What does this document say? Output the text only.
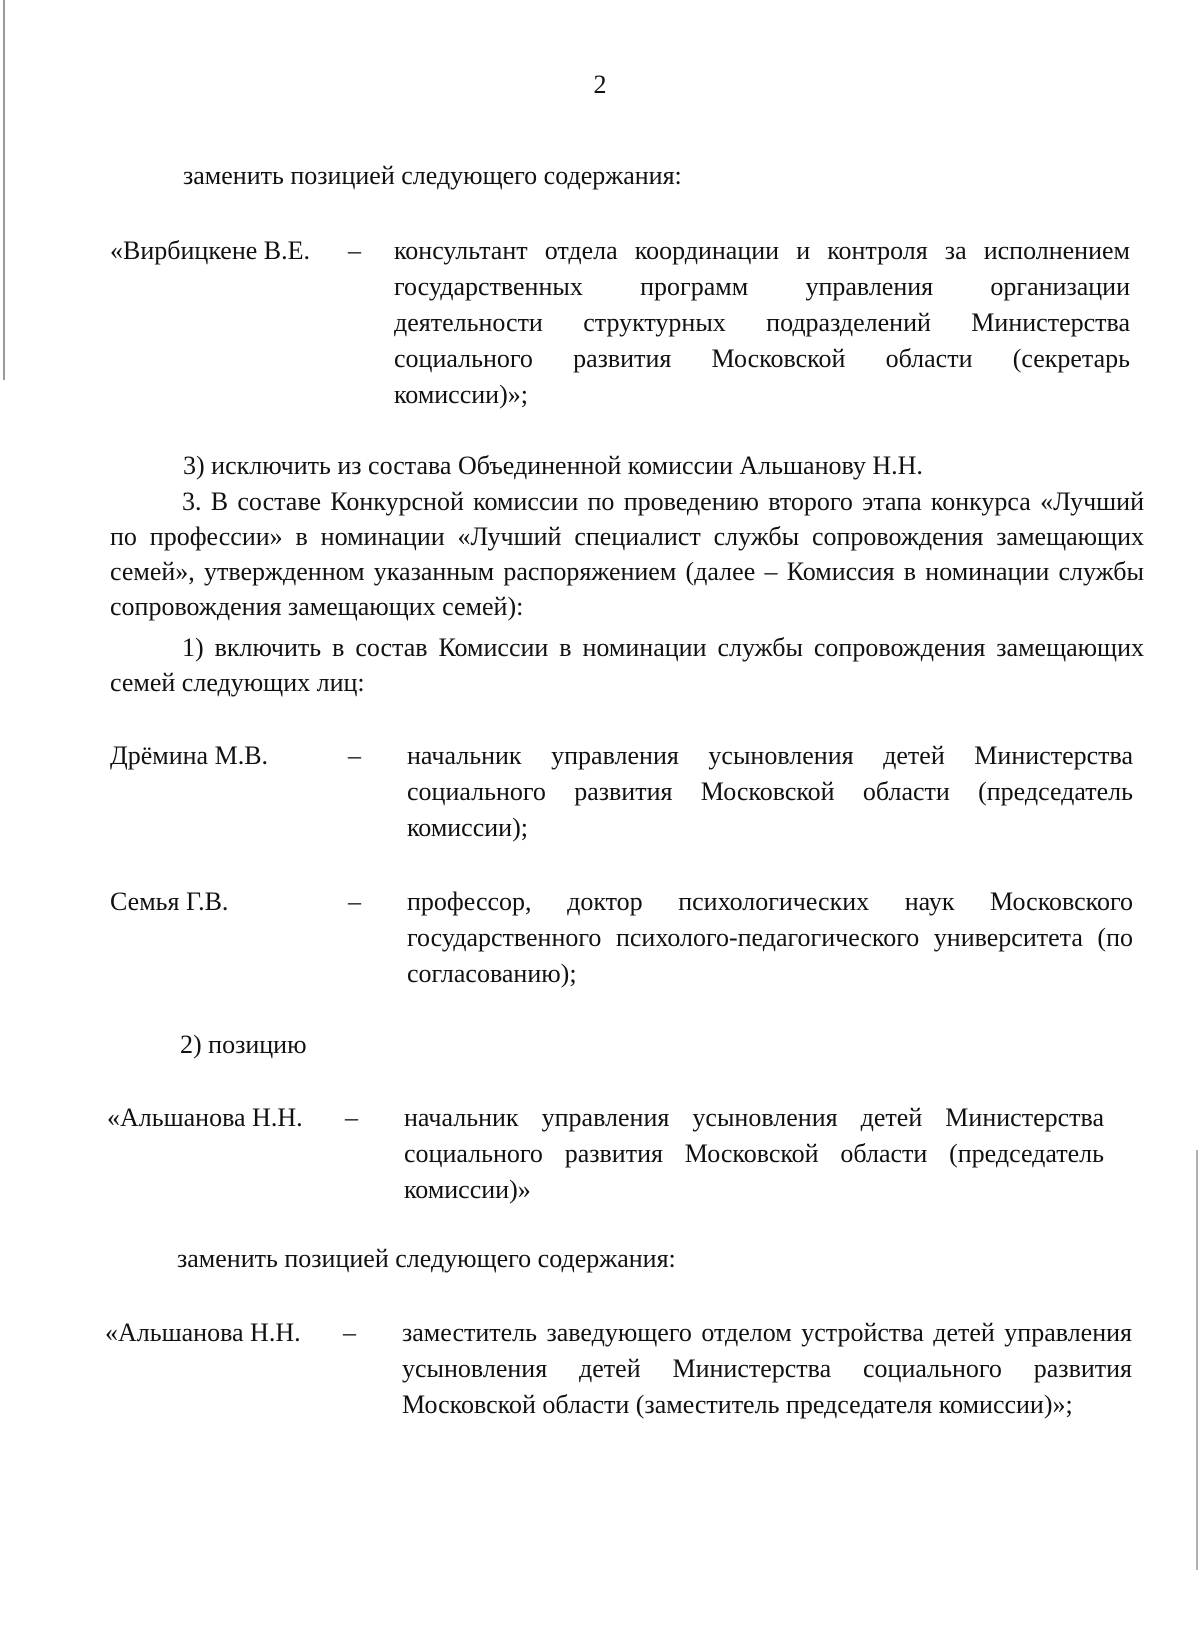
2

заменить позицией следующего содержания:

«Вирбицкене В.Е. – консультант отдела координации и контроля за исполнением государственных программ управления организации деятельности структурных подразделений Министерства социального развития Московской области (секретарь комиссии)»;

3) исключить из состава Объединенной комиссии Альшанову Н.Н.

3. В составе Конкурсной комиссии по проведению второго этапа конкурса «Лучший по профессии» в номинации «Лучший специалист службы сопровождения замещающих семей», утвержденном указанным распоряжением (далее – Комиссия в номинации службы сопровождения замещающих семей):

1) включить в состав Комиссии в номинации службы сопровождения замещающих семей следующих лиц:

Дрёмина М.В.	– начальник управления усыновления детей Министерства социального развития Московской области (председатель комиссии);
Семья Г.В.	– профессор, доктор психологических наук Московского государственного психолого-педагогического университета (по согласованию);

2) позицию

«Альшанова Н.Н. – начальник управления усыновления детей Министерства социального развития Московской области (председатель комиссии)»

заменить позицией следующего содержания:

«Альшанова Н.Н. – заместитель заведующего отделом устройства детей управления усыновления детей Министерства социального развития Московской области (заместитель председателя комиссии)»;
